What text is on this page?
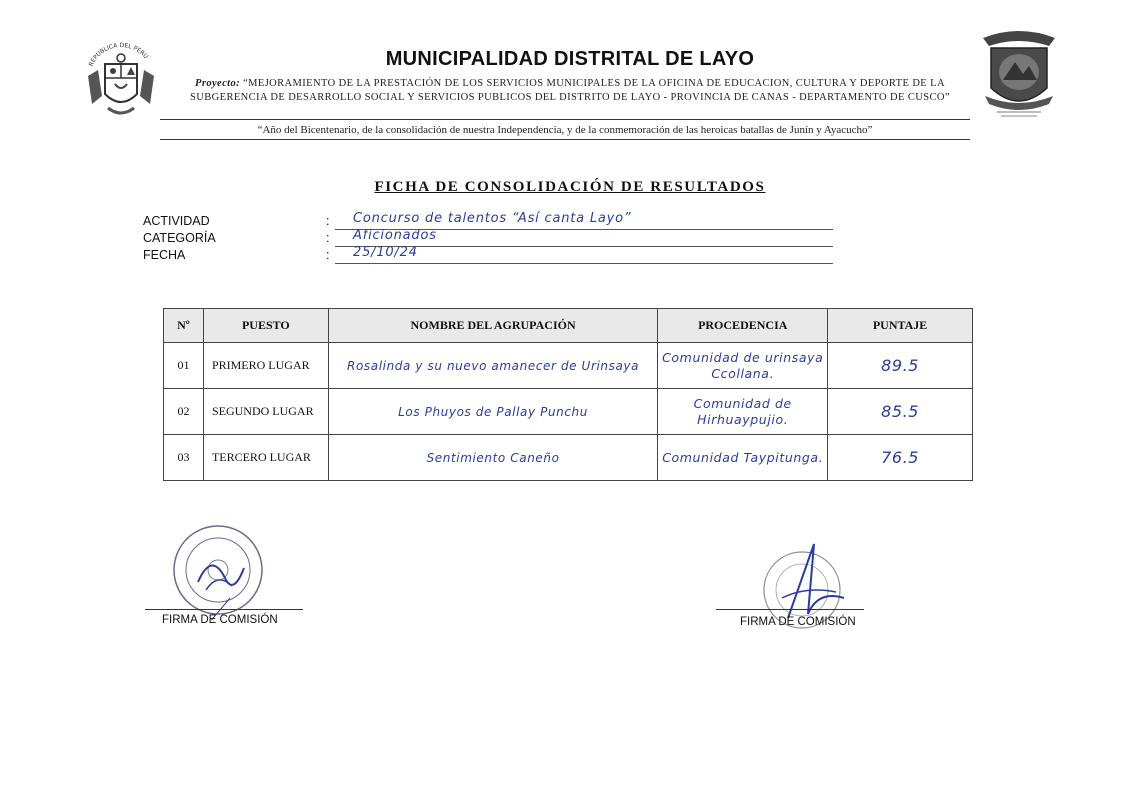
REPUBLICA DEL PERU	MUNICIPALIDAD DISTRITAL DE LAYO
Proyecto: “MEJORAMIENTO DE LA PRESTACIÓN DE LOS SERVICIOS MUNICIPALES DE LA OFICINA DE EDUCACION, CULTURA Y DEPORTE DE LA SUBGERENCIA DE DESARROLLO SOCIAL Y SERVICIOS PUBLICOS DEL DISTRITO DE LAYO - PROVINCIA DE CANAS - DEPARTAMENTO DE CUSCO”
“Año del Bicentenario, de la consolidación de nuestra Independencia, y de la conmemoración de las heroicas batallas de Junín y Ayacucho”
FICHA DE CONSOLIDACIÓN DE RESULTADOS
ACTIVIDAD	: Concurso de talentos “Así canta Layo”
CATEGORÍA	: Aficionados
FECHA	: 25/10/24
Nº	PUESTO	NOMBRE DEL AGRUPACIÓN	PROCEDENCIA	PUNTAJE
01	PRIMERO LUGAR	Rosalinda y su nuevo amanecer de Urinsaya	Comunidad de urinsaya Ccollana.	89.5
02	SEGUNDO LUGAR	Los Phuyos de Pallay Punchu	Comunidad de Hirhuaypujio.	85.5
03	TERCERO LUGAR	Sentimiento Caneño	Comunidad Taypitunga.	76.5
FIRMA DE COMISIÓN	FIRMA DE COMISIÓN
